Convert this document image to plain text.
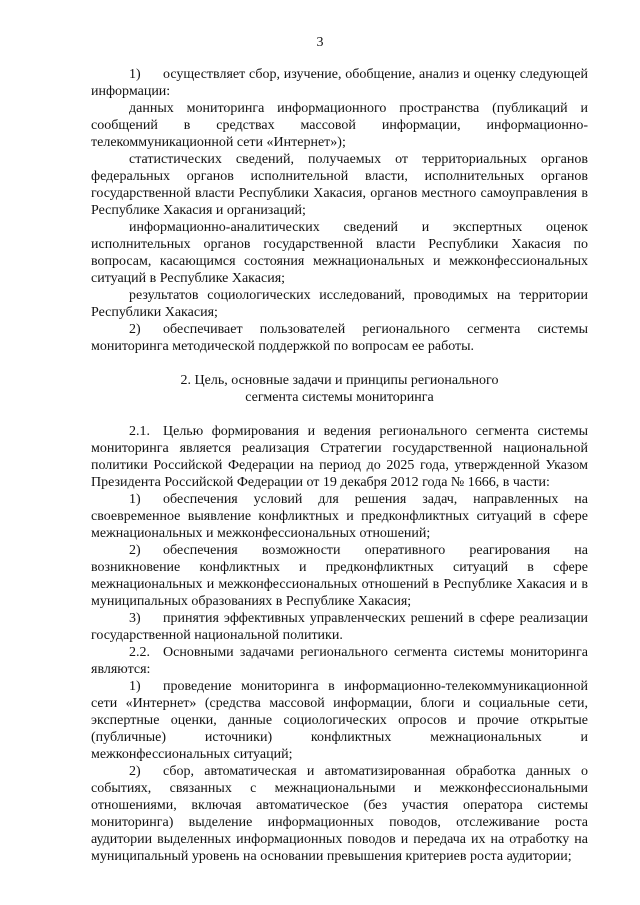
3

1) осуществляет сбор, изучение, обобщение, анализ и оценку следующей информации:

данных мониторинга информационного пространства (публикаций и сообщений в средствах массовой информации, информационно-телекоммуникационной сети «Интернет»);

статистических сведений, получаемых от территориальных органов федеральных органов исполнительной власти, исполнительных органов государственной власти Республики Хакасия, органов местного самоуправления в Республике Хакасия и организаций;

информационно-аналитических сведений и экспертных оценок исполнительных органов государственной власти Республики Хакасия по вопросам, касающимся состояния межнациональных и межконфессиональных ситуаций в Республике Хакасия;

результатов социологических исследований, проводимых на территории Республики Хакасия;

2) обеспечивает пользователей регионального сегмента системы мониторинга методической поддержкой по вопросам ее работы.

2. Цель, основные задачи и принципы регионального
сегмента системы мониторинга

2.1. Целью формирования и ведения регионального сегмента системы мониторинга является реализация Стратегии государственной национальной политики Российской Федерации на период до 2025 года, утвержденной Указом Президента Российской Федерации от 19 декабря 2012 года № 1666, в части:

1) обеспечения условий для решения задач, направленных на своевременное выявление конфликтных и предконфликтных ситуаций в сфере межнациональных и межконфессиональных отношений;

2) обеспечения возможности оперативного реагирования на возникновение конфликтных и предконфликтных ситуаций в сфере межнациональных и межконфессиональных отношений в Республике Хакасия и в муниципальных образованиях в Республике Хакасия;

3) принятия эффективных управленческих решений в сфере реализации государственной национальной политики.

2.2. Основными задачами регионального сегмента системы мониторинга являются:

1) проведение мониторинга в информационно-телекоммуникационной сети «Интернет» (средства массовой информации, блоги и социальные сети, экспертные оценки, данные социологических опросов и прочие открытые (публичные) источники) конфликтных межнациональных и межконфессиональных ситуаций;

2) сбор, автоматическая и автоматизированная обработка данных о событиях, связанных с межнациональными и межконфессиональными отношениями, включая автоматическое (без участия оператора системы мониторинга) выделение информационных поводов, отслеживание роста аудитории выделенных информационных поводов и передача их на отработку на муниципальный уровень на основании превышения критериев роста аудитории;
